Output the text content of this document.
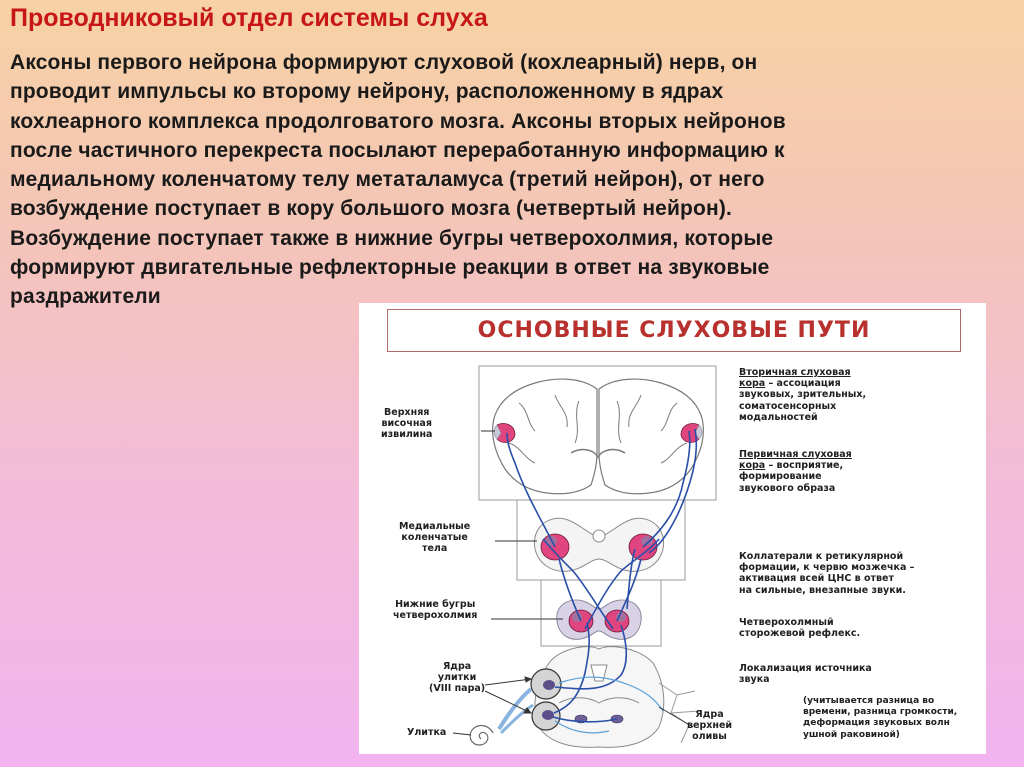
Проводниковый отдел системы слуха
Аксоны первого нейрона формируют слуховой (кохлеарный) нерв, он
проводит импульсы ко второму нейрону, расположенному в ядрах
кохлеарного комплекса продолговатого мозга. Аксоны вторых нейронов
после частичного перекреста посылают переработанную информацию к
медиальному коленчатому телу метаталамуса (третий нейрон), от него
возбуждение поступает в кору большого мозга (четвертый нейрон).
Возбуждение поступает также в нижние бугры четверохолмия, которые
формируют двигательные рефлекторные реакции в ответ на звуковые
раздражители
ОСНОВНЫЕ СЛУХОВЫЕ ПУТИ
Верхняя
височная
извилина
Медиальные
коленчатые
тела
Нижние бугры
четверохолмия
Ядра
улитки
(VIII пара)
Улитка
Ядра
верхней
оливы
Вторичная слуховая
кора – ассоциация
звуковых, зрительных,
соматосенсорных
модальностей
Первичная слуховая
кора – восприятие,
формирование
звукового образа
Коллатерали к ретикулярной
формации, к червю мозжечка –
активация всей ЦНС в ответ
на сильные, внезапные звуки.
Четверохолмный
сторожевой рефлекс.
Локализация источника
звука
(учитывается разница во
времени, разница громкости,
деформация звуковых волн
ушной раковиной)
